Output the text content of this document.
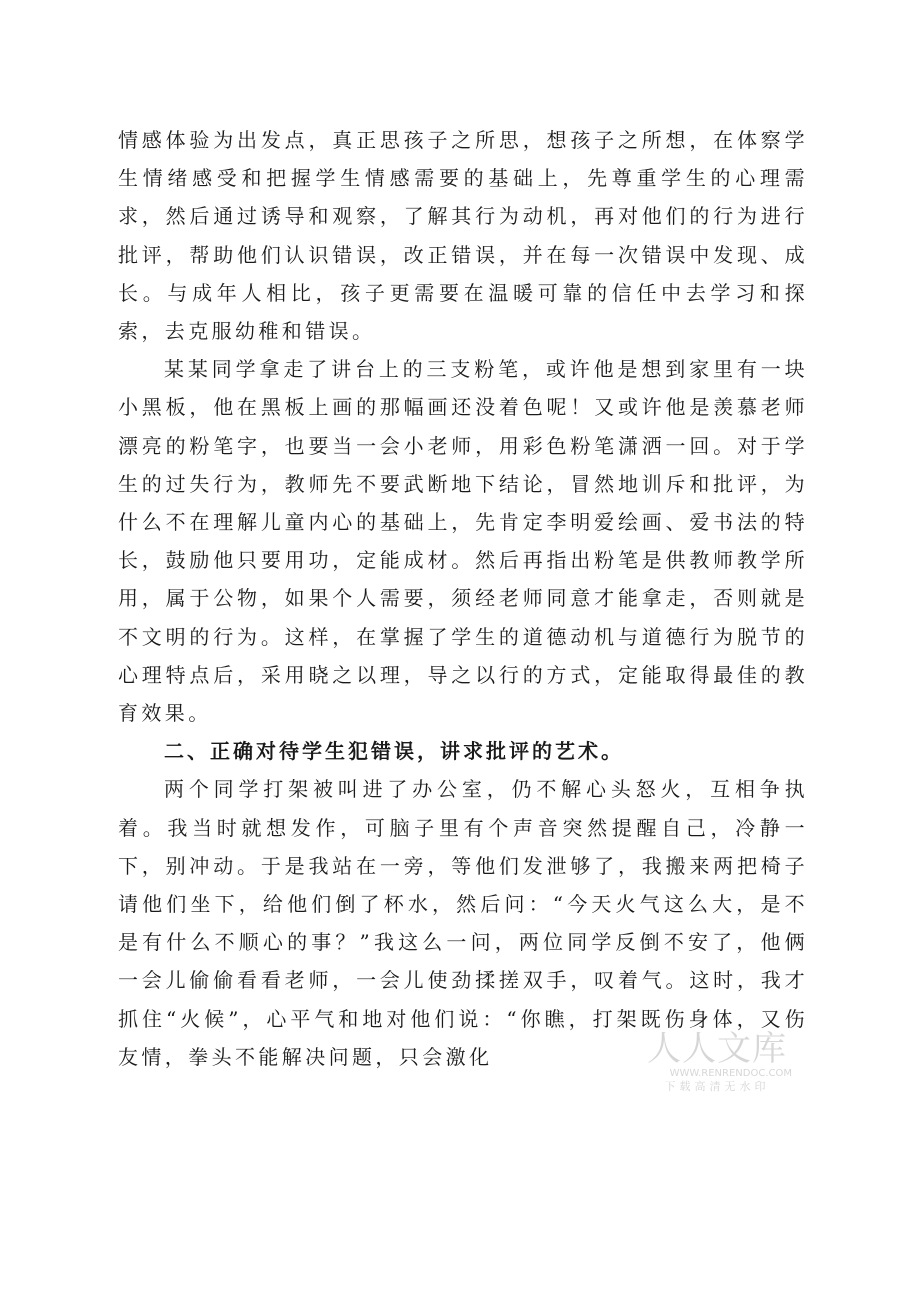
情感体验为出发点，真正思孩子之所思，想孩子之所想，在体察学生情绪感受和把握学生情感需要的基础上，先尊重学生的心理需求，然后通过诱导和观察，了解其行为动机，再对他们的行为进行批评，帮助他们认识错误，改正错误，并在每一次错误中发现、成长。与成年人相比，孩子更需要在温暖可靠的信任中去学习和探索，去克服幼稚和错误。

某某同学拿走了讲台上的三支粉笔，或许他是想到家里有一块小黑板，他在黑板上画的那幅画还没着色呢！又或许他是羡慕老师漂亮的粉笔字，也要当一会小老师，用彩色粉笔潇洒一回。对于学生的过失行为，教师先不要武断地下结论，冒然地训斥和批评，为什么不在理解儿童内心的基础上，先肯定李明爱绘画、爱书法的特长，鼓励他只要用功，定能成材。然后再指出粉笔是供教师教学所用，属于公物，如果个人需要，须经老师同意才能拿走，否则就是不文明的行为。这样，在掌握了学生的道德动机与道德行为脱节的心理特点后，采用晓之以理，导之以行的方式，定能取得最佳的教育效果。

二、正确对待学生犯错误，讲求批评的艺术。

两个同学打架被叫进了办公室，仍不解心头怒火，互相争执着。我当时就想发作，可脑子里有个声音突然提醒自己，冷静一下，别冲动。于是我站在一旁，等他们发泄够了，我搬来两把椅子请他们坐下，给他们倒了杯水，然后问：“今天火气这么大，是不是有什么不顺心的事？”我这么一问，两位同学反倒不安了，他俩一会儿偷偷看看老师，一会儿使劲揉搓双手，叹着气。这时，我才抓住“火候”，心平气和地对他们说：“你瞧，打架既伤身体，又伤友情，拳头不能解决问题，只会激化	人人文库
WWW.RENRENDOC.COM
下载高清无水印
